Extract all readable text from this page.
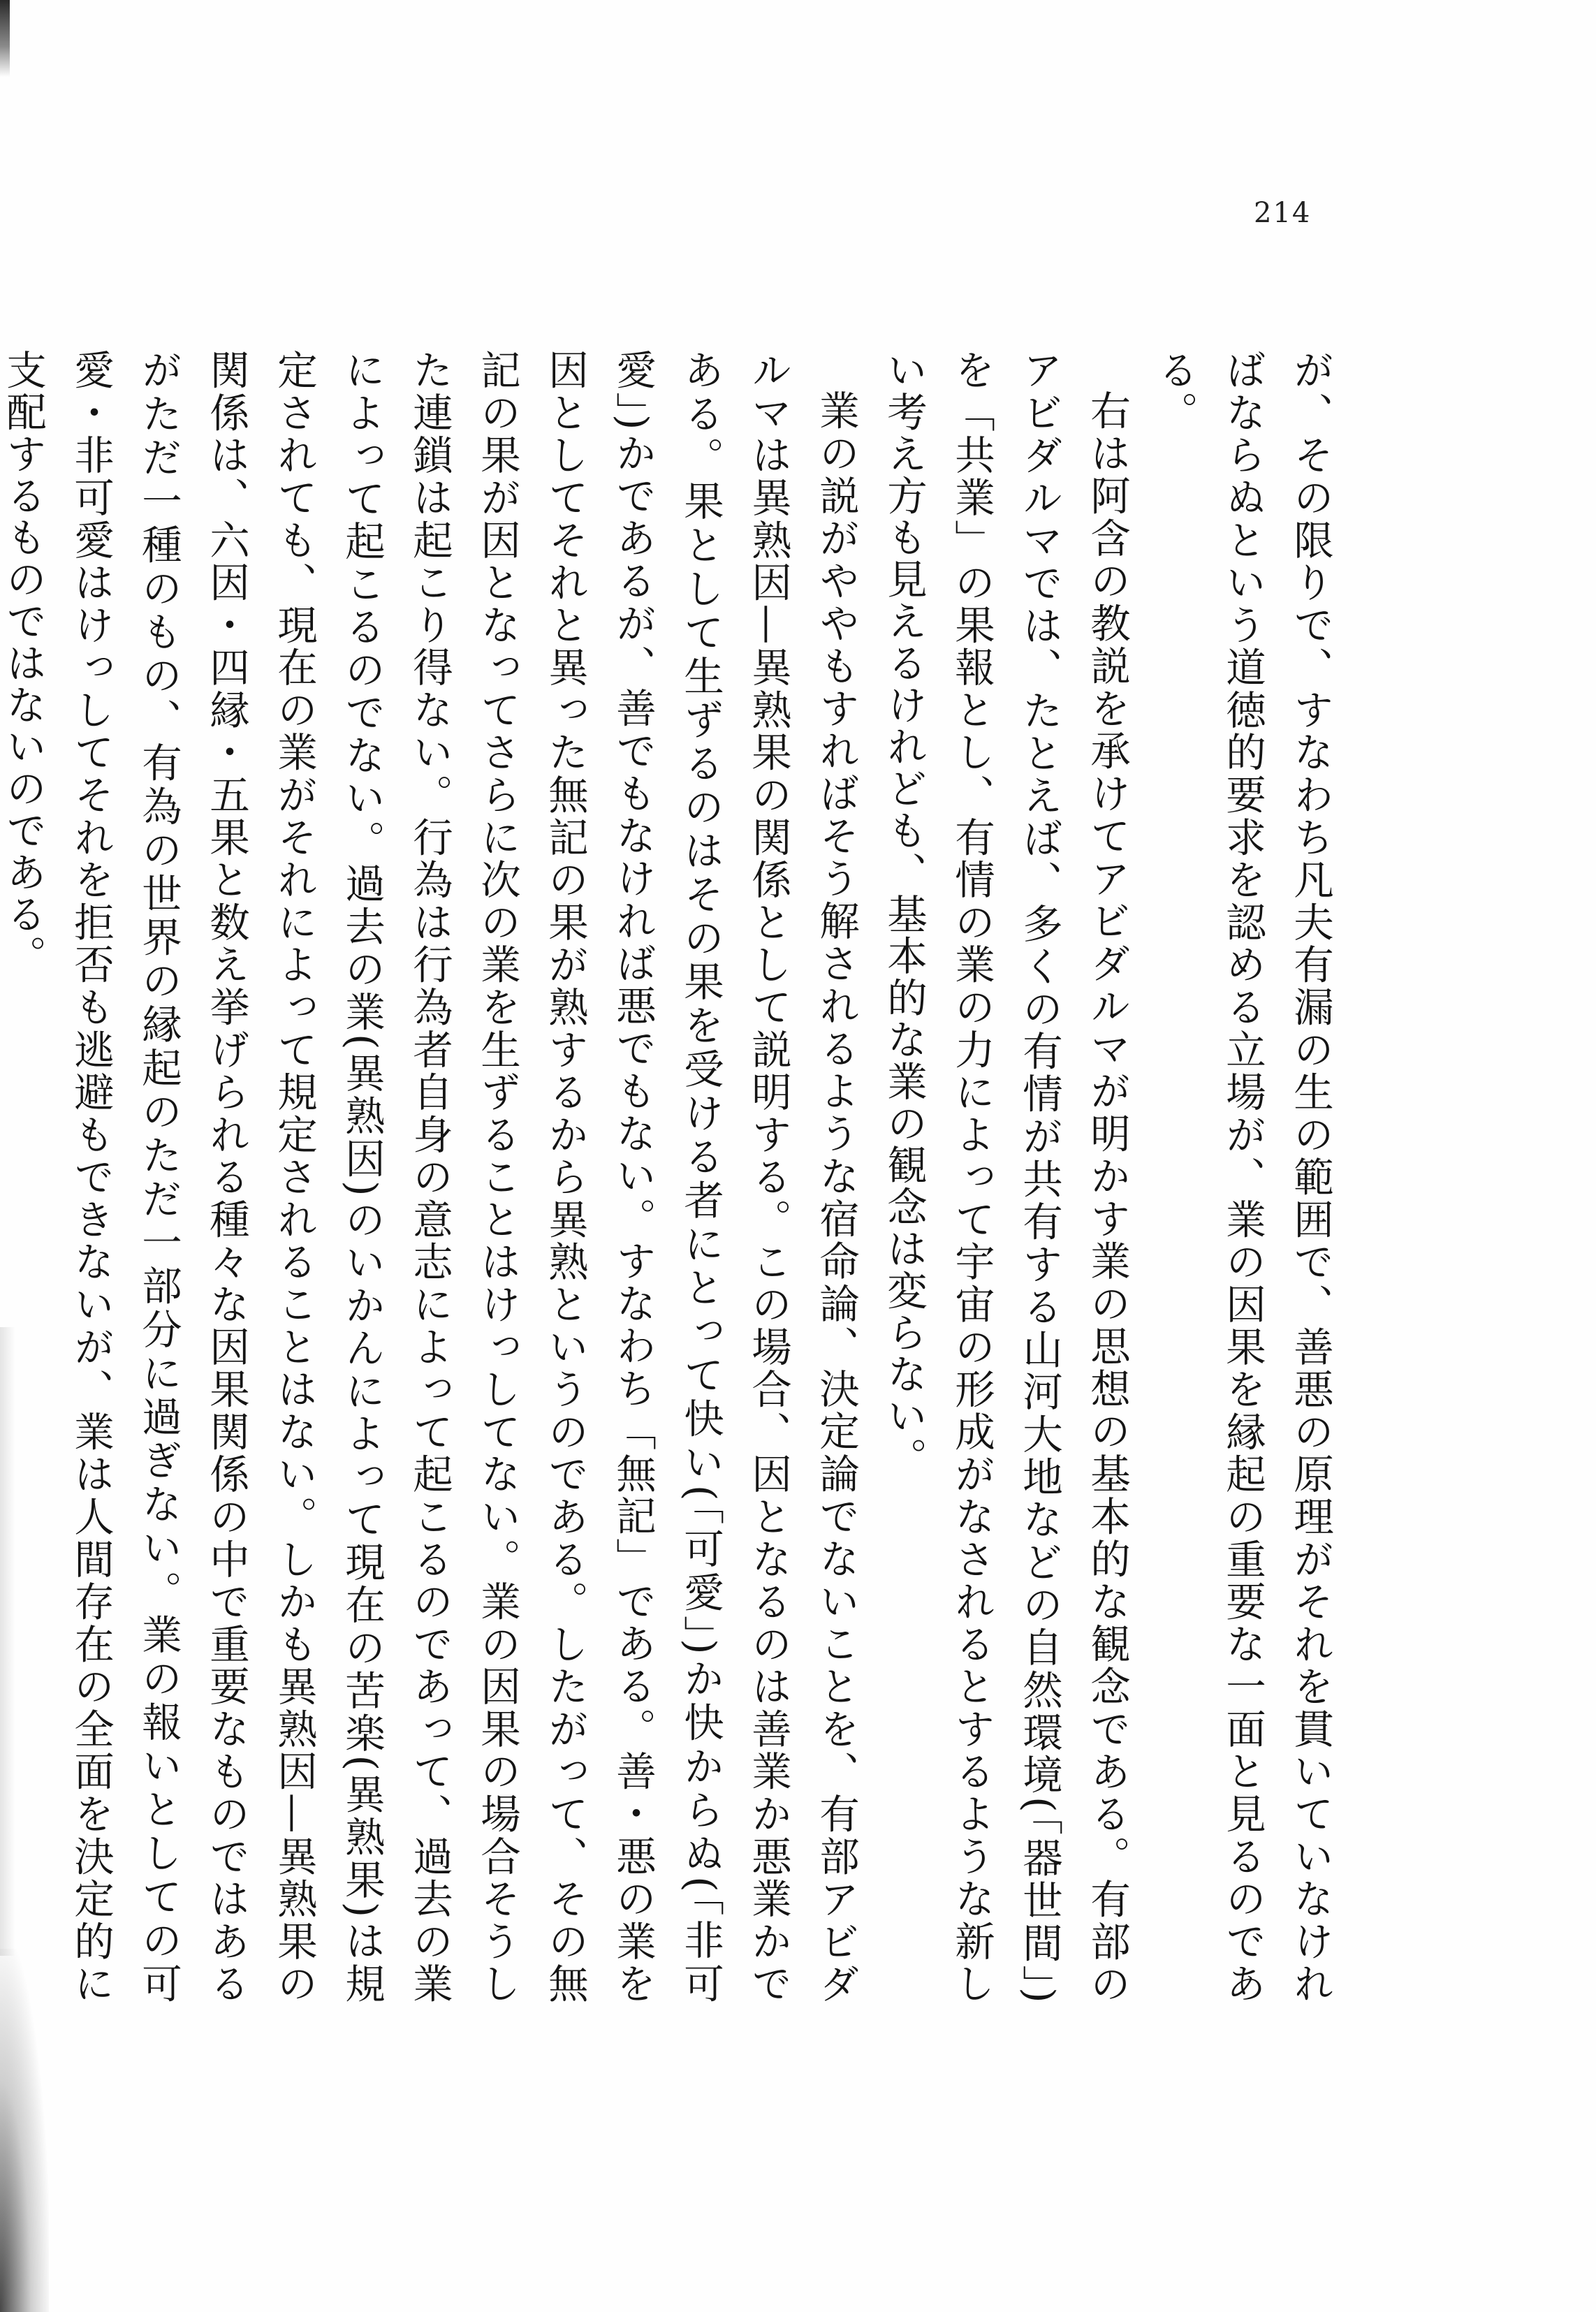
214

が、その限りで、すなわち凡夫有漏の生の範囲で、善悪の原理がそれを貫いていなければならぬという道徳的要求を認める立場が、業の因果を縁起の重要な一面と見るのである。

右は阿含の教説を承けてアビダルマが明かす業の思想の基本的な観念である。有部のアビダルマでは、たとえば、多くの有情が共有する山河大地などの自然環境(「器世間」)を「共業」の果報とし、有情の業の力によって宇宙の形成がなされるとするような新しい考え方も見えるけれども、基本的な業の観念は変らない。

業の説がややもすればそう解されるような宿命論、決定論でないことを、有部アビダルマは異熟因—異熟果の関係として説明する。この場合、因となるのは善業か悪業かである。果として生ずるのはその果を受ける者にとって快い(「可愛」)か快からぬ(「非可愛」)かであるが、善でもなければ悪でもない。すなわち「無記」である。善・悪の業を因としてそれと異った無記の果が熟するから異熟というのである。したがって、その無記の果が因となってさらに次の業を生ずることはけっしてない。業の因果の場合そうした連鎖は起こり得ない。行為は行為者自身の意志によって起こるのであって、過去の業によって起こるのでない。過去の業(異熟因)のいかんによって現在の苦楽(異熟果)は規定されても、現在の業がそれによって規定されることはない。しかも異熟因—異熟果の関係は、六因・四縁・五果と数え挙げられる種々な因果関係の中で重要なものではあるがただ一種のもの、有為の世界の縁起のただ一部分に過ぎない。業の報いとしての可愛・非可愛はけっしてそれを拒否も逃避もできないが、業は人間存在の全面を決定的に支配するものではないのである。
